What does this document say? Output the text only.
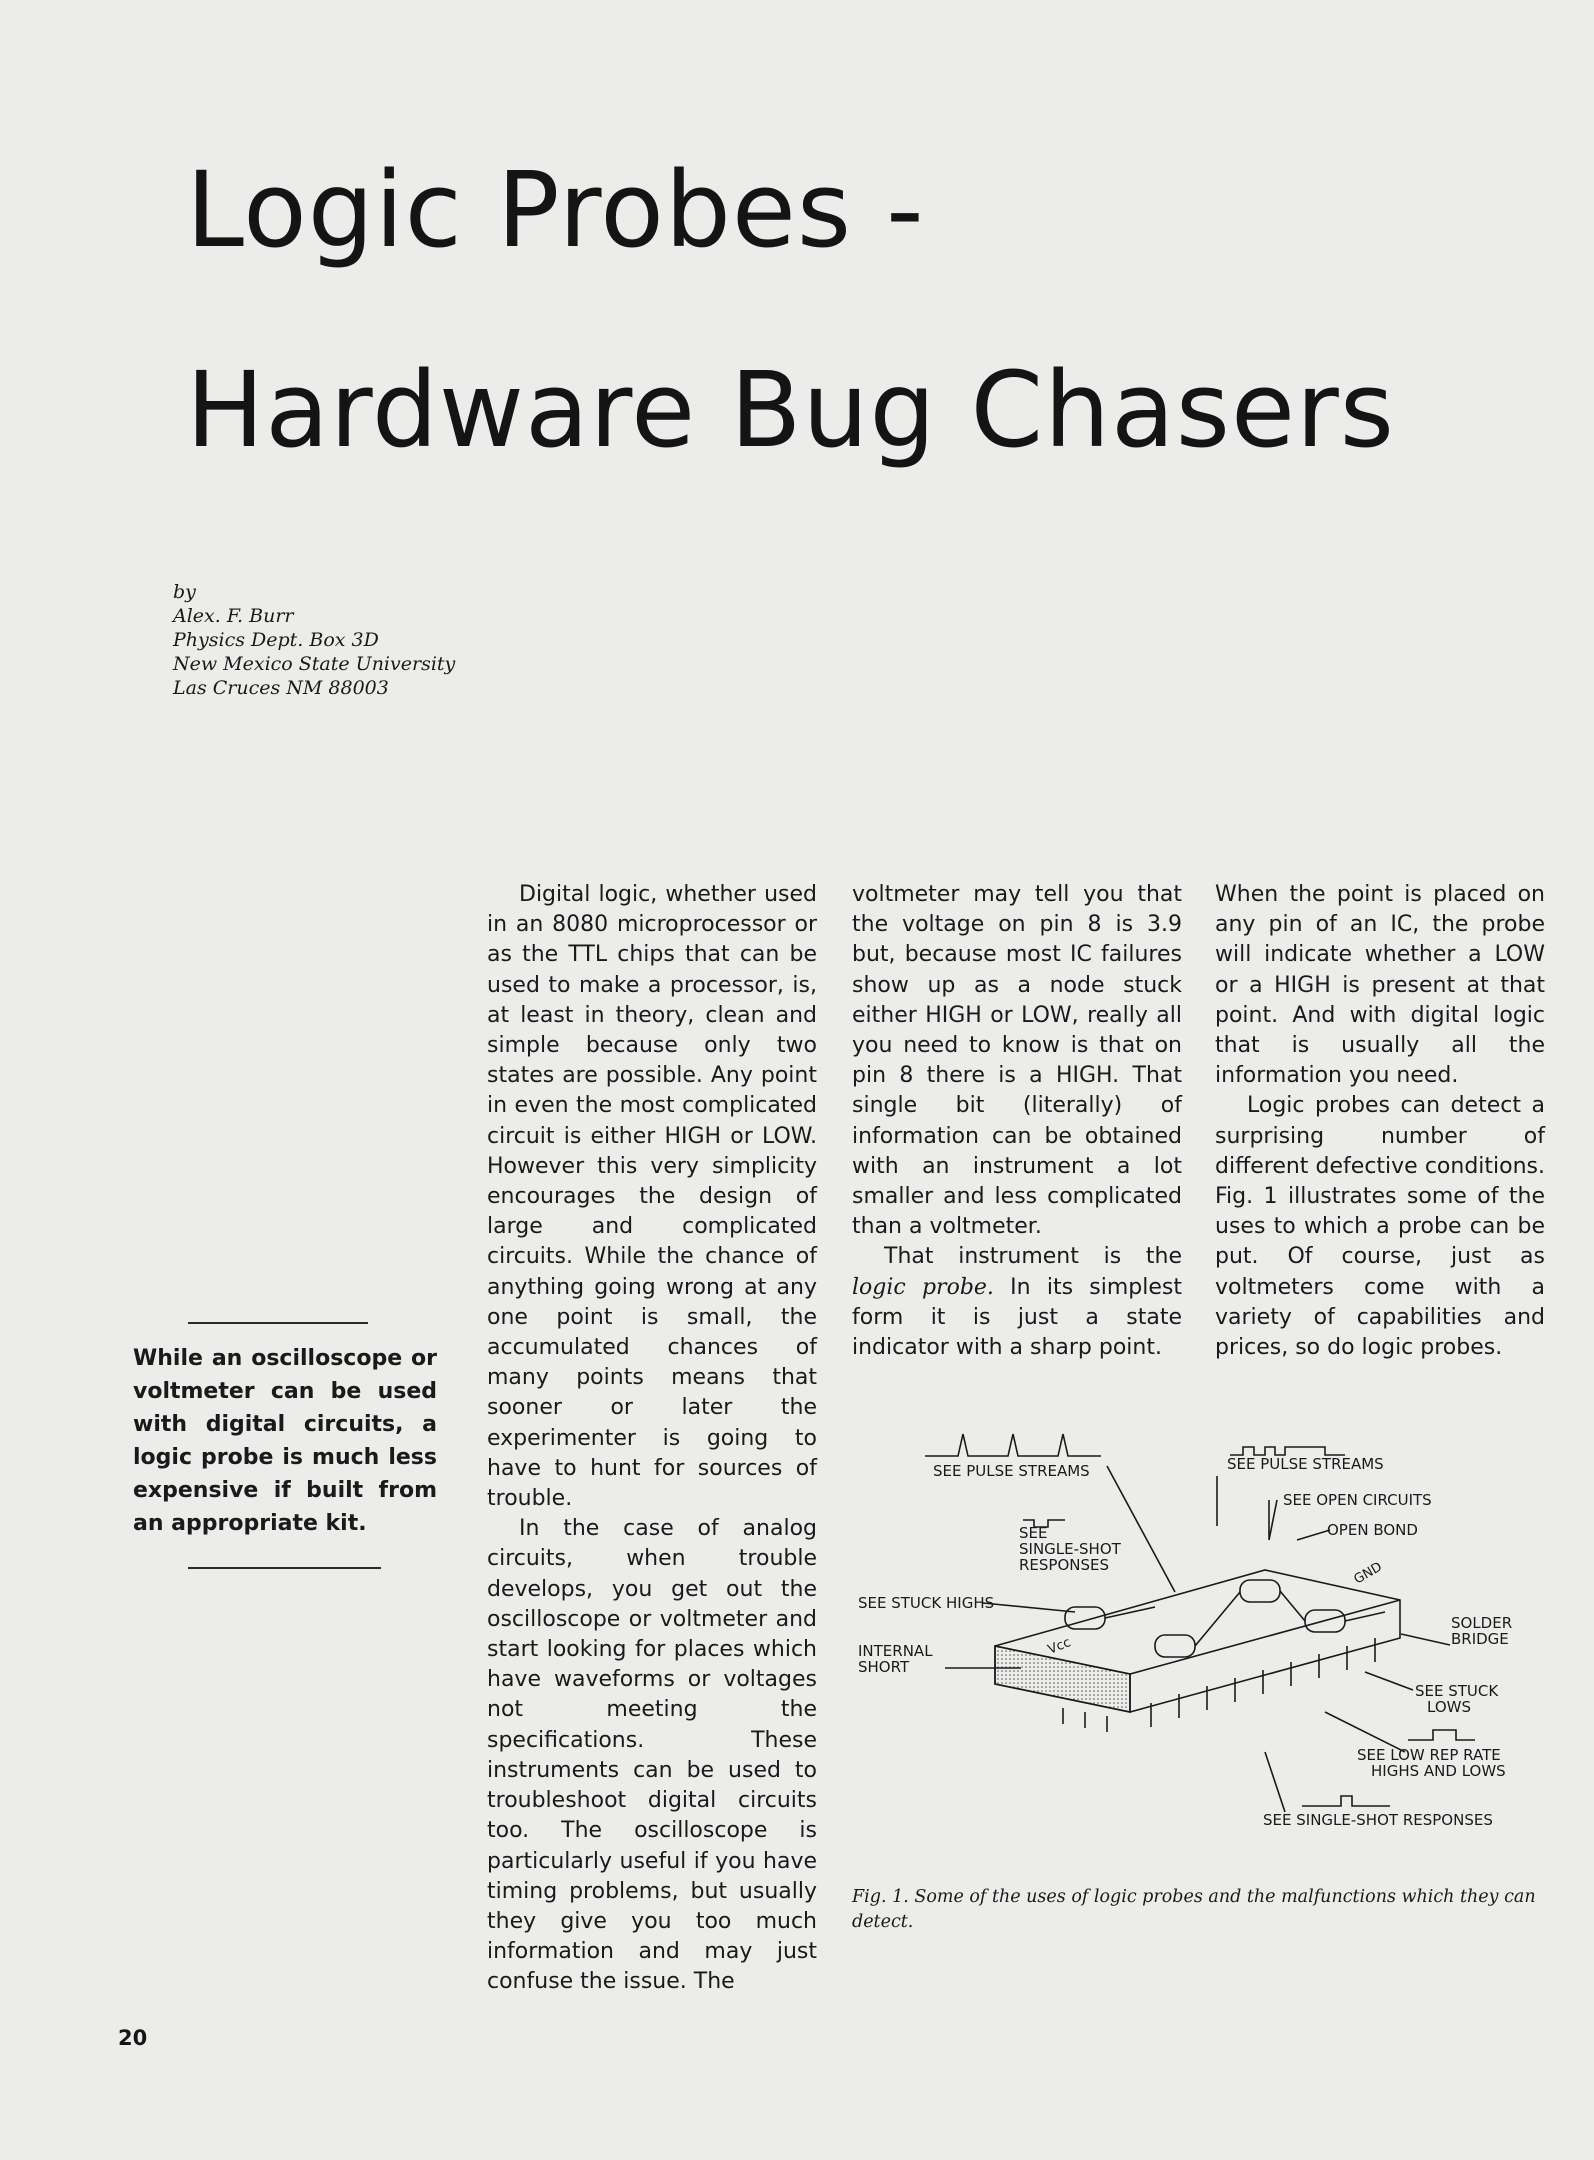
Logic Probes -
Hardware Bug Chasers
by
Alex. F. Burr
Physics Dept. Box 3D
New Mexico State University
Las Cruces NM 88003
While an oscilloscope or voltmeter can be used with digital circuits, a logic probe is much less expensive if built from an appropriate kit.

Digital logic, whether used in an 8080 microprocessor or as the TTL chips that can be used to make a processor, is, at least in theory, clean and simple because only two states are possible. Any point in even the most complicated circuit is either HIGH or LOW. However this very simplicity encourages the design of large and complicated circuits. While the chance of anything going wrong at any one point is small, the accumulated chances of many points means that sooner or later the experimenter is going to have to hunt for sources of trouble.

In the case of analog circuits, when trouble develops, you get out the oscilloscope or voltmeter and start looking for places which have waveforms or voltages not meeting the specifications. These instruments can be used to troubleshoot digital circuits too. The oscilloscope is particularly useful if you have timing problems, but usually they give you too much information and may just confuse the issue. The

voltmeter may tell you that the voltage on pin 8 is 3.9 but, because most IC failures show up as a node stuck either HIGH or LOW, really all you need to know is that on pin 8 there is a HIGH. That single bit (literally) of information can be obtained with an instrument a lot smaller and less complicated than a voltmeter.

That instrument is the logic probe. In its simplest form it is just a state indicator with a sharp point.

When the point is placed on any pin of an IC, the probe will indicate whether a LOW or a HIGH is present at that point. And with digital logic that is usually all the information you need.

Logic probes can detect a surprising number of different defective conditions. Fig. 1 illustrates some of the uses to which a probe can be put. Of course, just as voltmeters come with a variety of capabilities and prices, so do logic probes.

SEE PULSE STREAMS	SEE PULSE STREAMS
SEE OPEN CIRCUITS
OPEN BOND
SEE
SINGLE-SHOT
RESPONSES
SEE STUCK HIGHS
INTERNAL
SHORT
SOLDER
BRIDGE
SEE STUCK
LOWS
SEE LOW REP RATE
HIGHS AND LOWS
SEE SINGLE-SHOT RESPONSES
Vcc
GND
Fig. 1. Some of the uses of logic probes and the malfunctions which they can detect.
20
